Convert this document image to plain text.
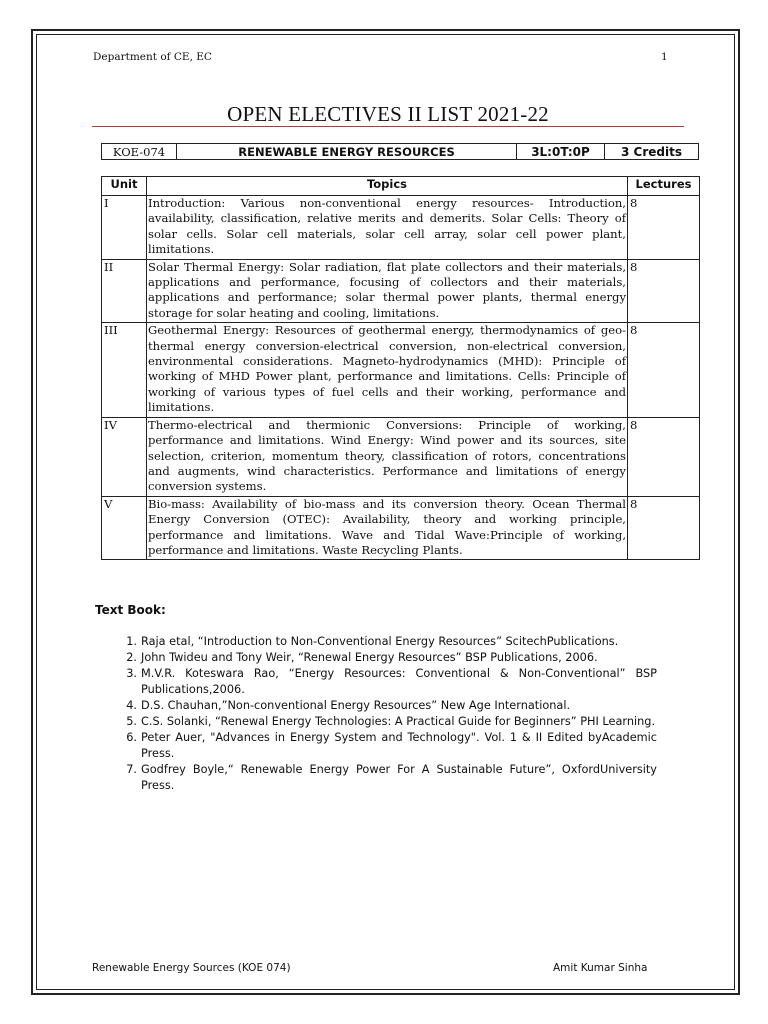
Department of CE, EC	1
OPEN ELECTIVES II LIST 2021-22
KOE-074	RENEWABLE ENERGY RESOURCES	3L:0T:0P	3 Credits
Unit	Topics	Lectures
I	Introduction: Various non-conventional energy resources- Introduction, availability, classification, relative merits and demerits. Solar Cells: Theory of solar cells. Solar cell materials, solar cell array, solar cell power plant, limitations.	8
II	Solar Thermal Energy: Solar radiation, flat plate collectors and their materials, applications and performance, focusing of collectors and their materials, applications and performance; solar thermal power plants, thermal energy storage for solar heating and cooling, limitations.	8
III	Geothermal Energy: Resources of geothermal energy, thermodynamics of geo- thermal energy conversion-electrical conversion, non-electrical conversion, environmental considerations. Magneto-hydrodynamics (MHD): Principle of working of MHD Power plant, performance and limitations. Cells: Principle of working of various types of fuel cells and their working, performance and limitations.	8
IV	Thermo-electrical and thermionic Conversions: Principle of working, performance and limitations. Wind Energy: Wind power and its sources, site selection, criterion, momentum theory, classification of rotors, concentrations and augments, wind characteristics. Performance and limitations of energy conversion systems.	8
V	Bio-mass: Availability of bio-mass and its conversion theory. Ocean Thermal Energy Conversion (OTEC): Availability, theory and working principle, performance and limitations. Wave and Tidal Wave:Principle of working, performance and limitations. Waste Recycling Plants.	8
Text Book:
1. Raja etal, “Introduction to Non-Conventional Energy Resources” ScitechPublications.
2. John Twideu and Tony Weir, “Renewal Energy Resources” BSP Publications, 2006.
3. M.V.R. Koteswara Rao, “Energy Resources: Conventional & Non-Conventional” BSP Publications,2006.
4. D.S. Chauhan,”Non-conventional Energy Resources” New Age International.
5. C.S. Solanki, “Renewal Energy Technologies: A Practical Guide for Beginners” PHI Learning.
6. Peter Auer, "Advances in Energy System and Technology". Vol. 1 & II Edited byAcademic Press.
7. Godfrey Boyle,“ Renewable Energy Power For A Sustainable Future”, OxfordUniversity Press.
Renewable Energy Sources (KOE 074)	Amit Kumar Sinha
